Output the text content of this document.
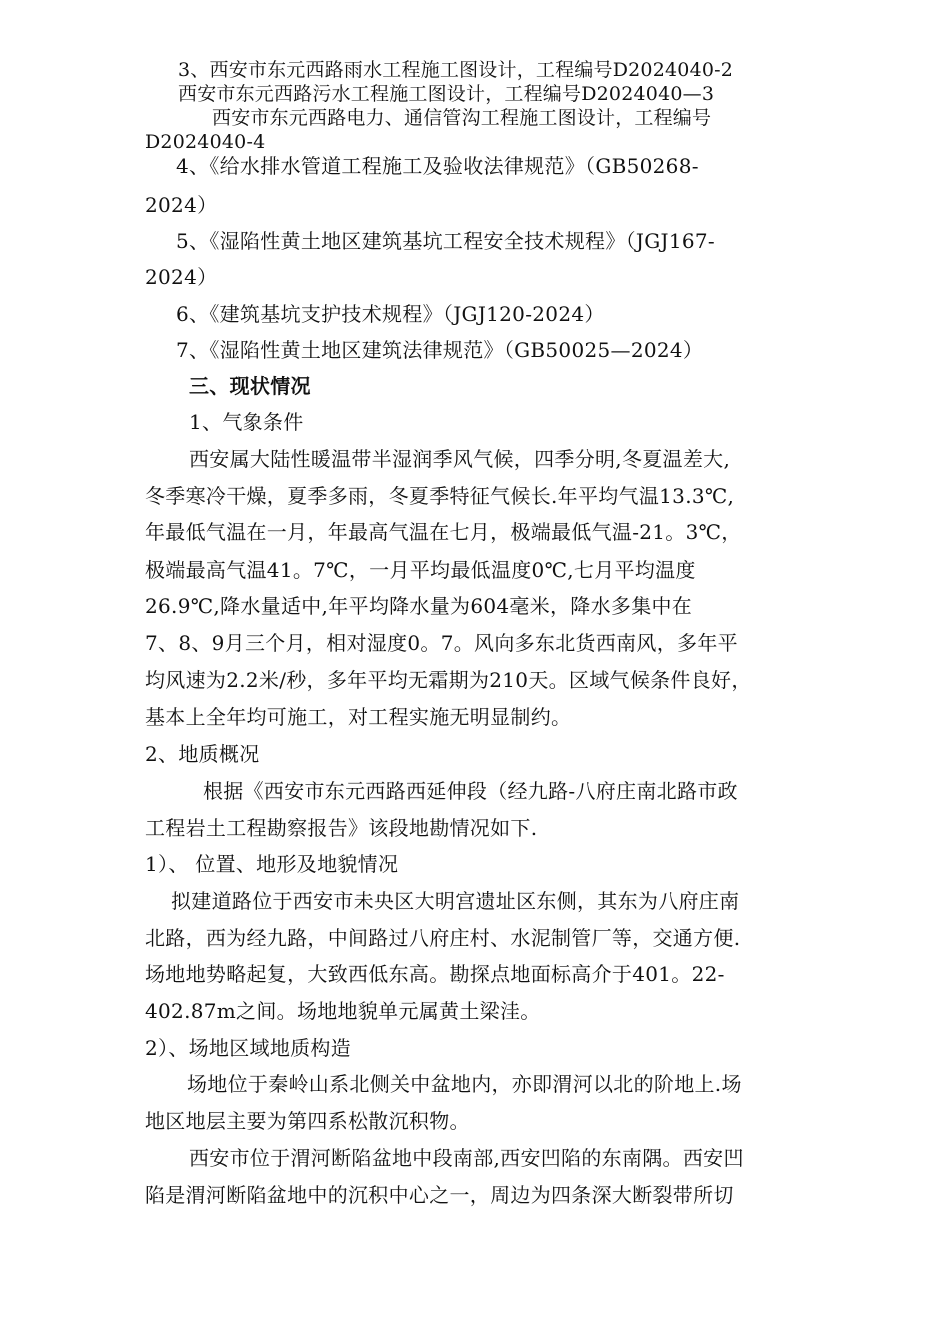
3、西安市东元西路雨水工程施工图设计，工程编号D2024040-2
西安市东元西路污水工程施工图设计，工程编号D2024040—3
西安市东元西路电力、通信管沟工程施工图设计，工程编号
D2024040-4
4、《给水排水管道工程施工及验收法律规范》（GB50268-
2024）
5、《湿陷性黄土地区建筑基坑工程安全技术规程》（JGJ167-
2024）
6、《建筑基坑支护技术规程》（JGJ120-2024）
7、《湿陷性黄土地区建筑法律规范》（GB50025—2024）
三、现状情况
1、气象条件
西安属大陆性暖温带半湿润季风气候，四季分明,冬夏温差大,
冬季寒冷干燥，夏季多雨，冬夏季特征气候长.年平均气温13.3℃,
年最低气温在一月，年最高气温在七月，极端最低气温-21。3℃，
极端最高气温41。7℃，一月平均最低温度0℃,七月平均温度
26.9℃,降水量适中,年平均降水量为604毫米，降水多集中在
7、8、9月三个月，相对湿度0。7。风向多东北货西南风，多年平
均风速为2.2米/秒，多年平均无霜期为210天。区域气候条件良好，
基本上全年均可施工，对工程实施无明显制约。
2、地质概况
根据《西安市东元西路西延伸段（经九路-八府庄南北路市政
工程岩土工程勘察报告》该段地勘情况如下.
1）、 位置、地形及地貌情况
拟建道路位于西安市未央区大明宫遗址区东侧，其东为八府庄南
北路，西为经九路，中间路过八府庄村、水泥制管厂等，交通方便.
场地地势略起复，大致西低东高。勘探点地面标高介于401。22-
402.87m之间。场地地貌单元属黄土梁洼。
2）、场地区域地质构造
场地位于秦岭山系北侧关中盆地内，亦即渭河以北的阶地上.场
地区地层主要为第四系松散沉积物。
西安市位于渭河断陷盆地中段南部,西安凹陷的东南隅。西安凹
陷是渭河断陷盆地中的沉积中心之一，周边为四条深大断裂带所切
